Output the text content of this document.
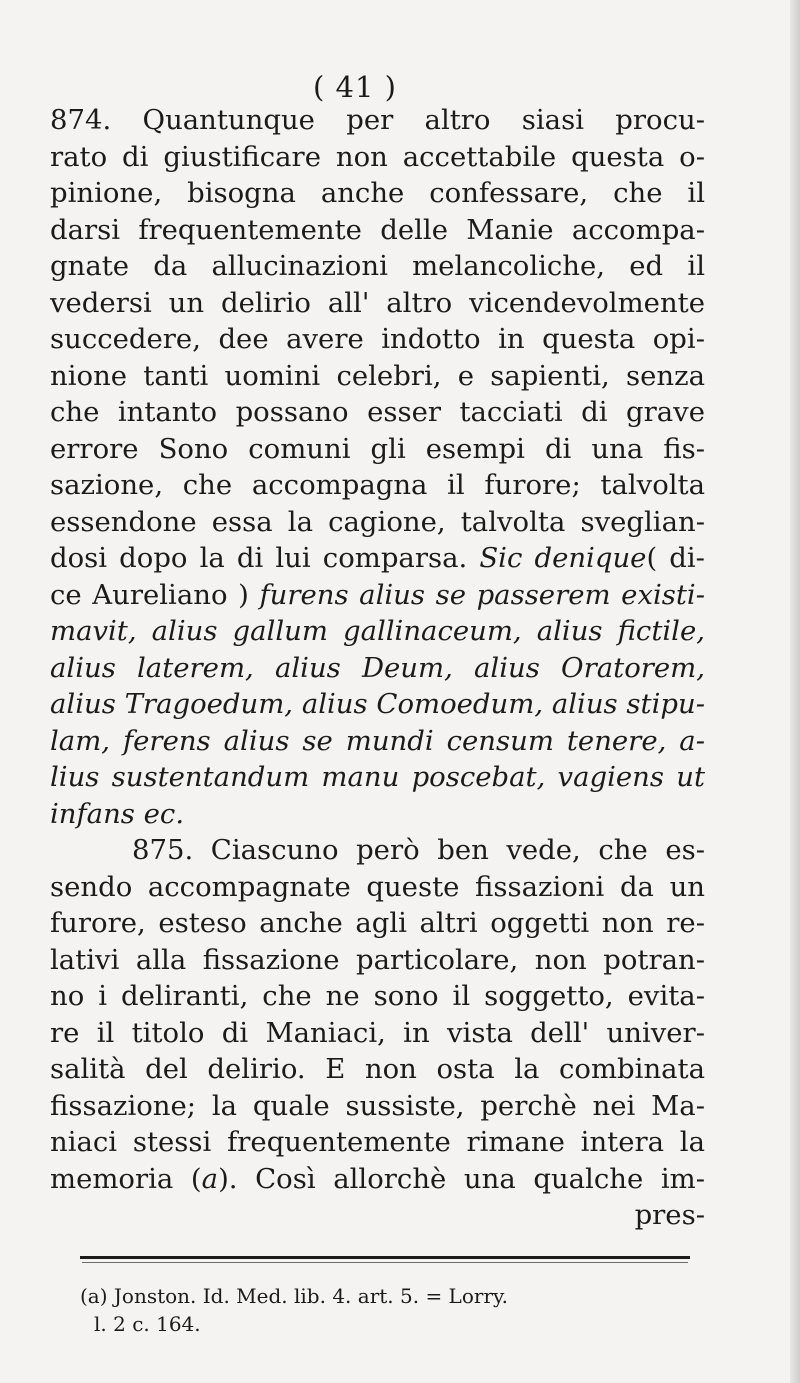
( 41 )
874. Quantunque per altro siasi procu-
rato di giustificare non accettabile questa o-
pinione, bisogna anche confessare, che il
darsi frequentemente delle Manie accompa-
gnate da allucinazioni melancoliche, ed il
vedersi un delirio all' altro vicendevolmente
succedere, dee avere indotto in questa opi-
nione tanti uomini celebri, e sapienti, senza
che intanto possano esser tacciati di grave
errore Sono comuni gli esempi di una fis-
sazione, che accompagna il furore; talvolta
essendone essa la cagione, talvolta sveglian-
dosi dopo la di lui comparsa. Sic denique( di-
ce Aureliano ) furens alius se passerem existi-
mavit, alius gallum gallinaceum, alius fictile,
alius laterem, alius Deum, alius Oratorem,
alius Tragoedum, alius Comoedum, alius stipu-
lam, ferens alius se mundi censum tenere, a-
lius sustentandum manu poscebat, vagiens ut
infans ec.
875. Ciascuno però ben vede, che es-
sendo accompagnate queste fissazioni da un
furore, esteso anche agli altri oggetti non re-
lativi alla fissazione particolare, non potran-
no i deliranti, che ne sono il soggetto, evita-
re il titolo di Maniaci, in vista dell' univer-
salità del delirio. E non osta la combinata
fissazione; la quale sussiste, perchè nei Ma-
niaci stessi frequentemente rimane intera la
memoria (a). Così allorchè una qualche im-
pres-
(a) Jonston. Id. Med. lib. 4. art. 5. = Lorry.
l. 2 c. 164.
